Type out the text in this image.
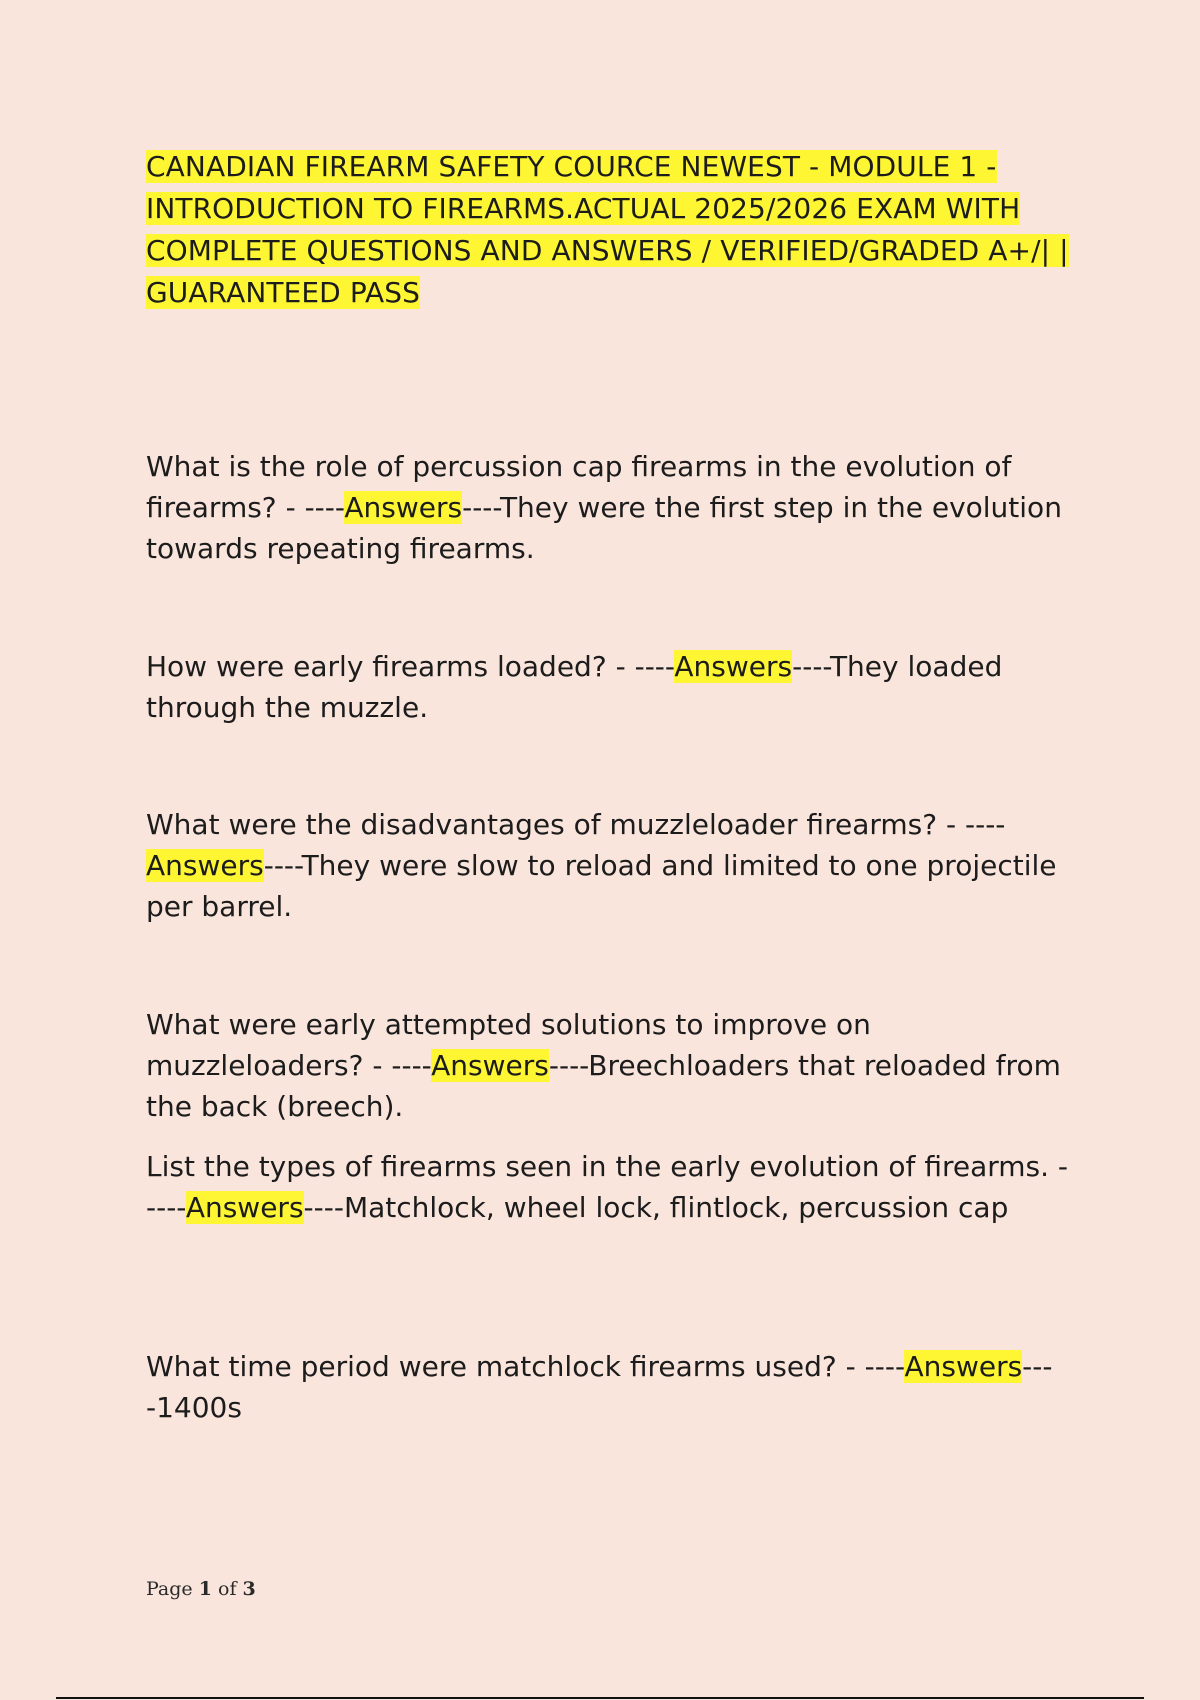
CANADIAN FIREARM SAFETY COURCE NEWEST - MODULE 1 - INTRODUCTION TO FIREARMS.ACTUAL 2025/2026 EXAM WITH COMPLETE QUESTIONS AND ANSWERS / VERIFIED/GRADED A+/| | GUARANTEED PASS

What is the role of percussion cap firearms in the evolution of firearms? - ----Answers----They were the first step in the evolution towards repeating firearms.

How were early firearms loaded? - ----Answers----They loaded through the muzzle.

What were the disadvantages of muzzleloader firearms? - ----Answers----They were slow to reload and limited to one projectile per barrel.

What were early attempted solutions to improve on muzzleloaders? - ----Answers----Breechloaders that reloaded from the back (breech).

List the types of firearms seen in the early evolution of firearms. - ----Answers----Matchlock, wheel lock, flintlock, percussion cap

What time period were matchlock firearms used? - ----Answers----1400s

Page 1 of 3
